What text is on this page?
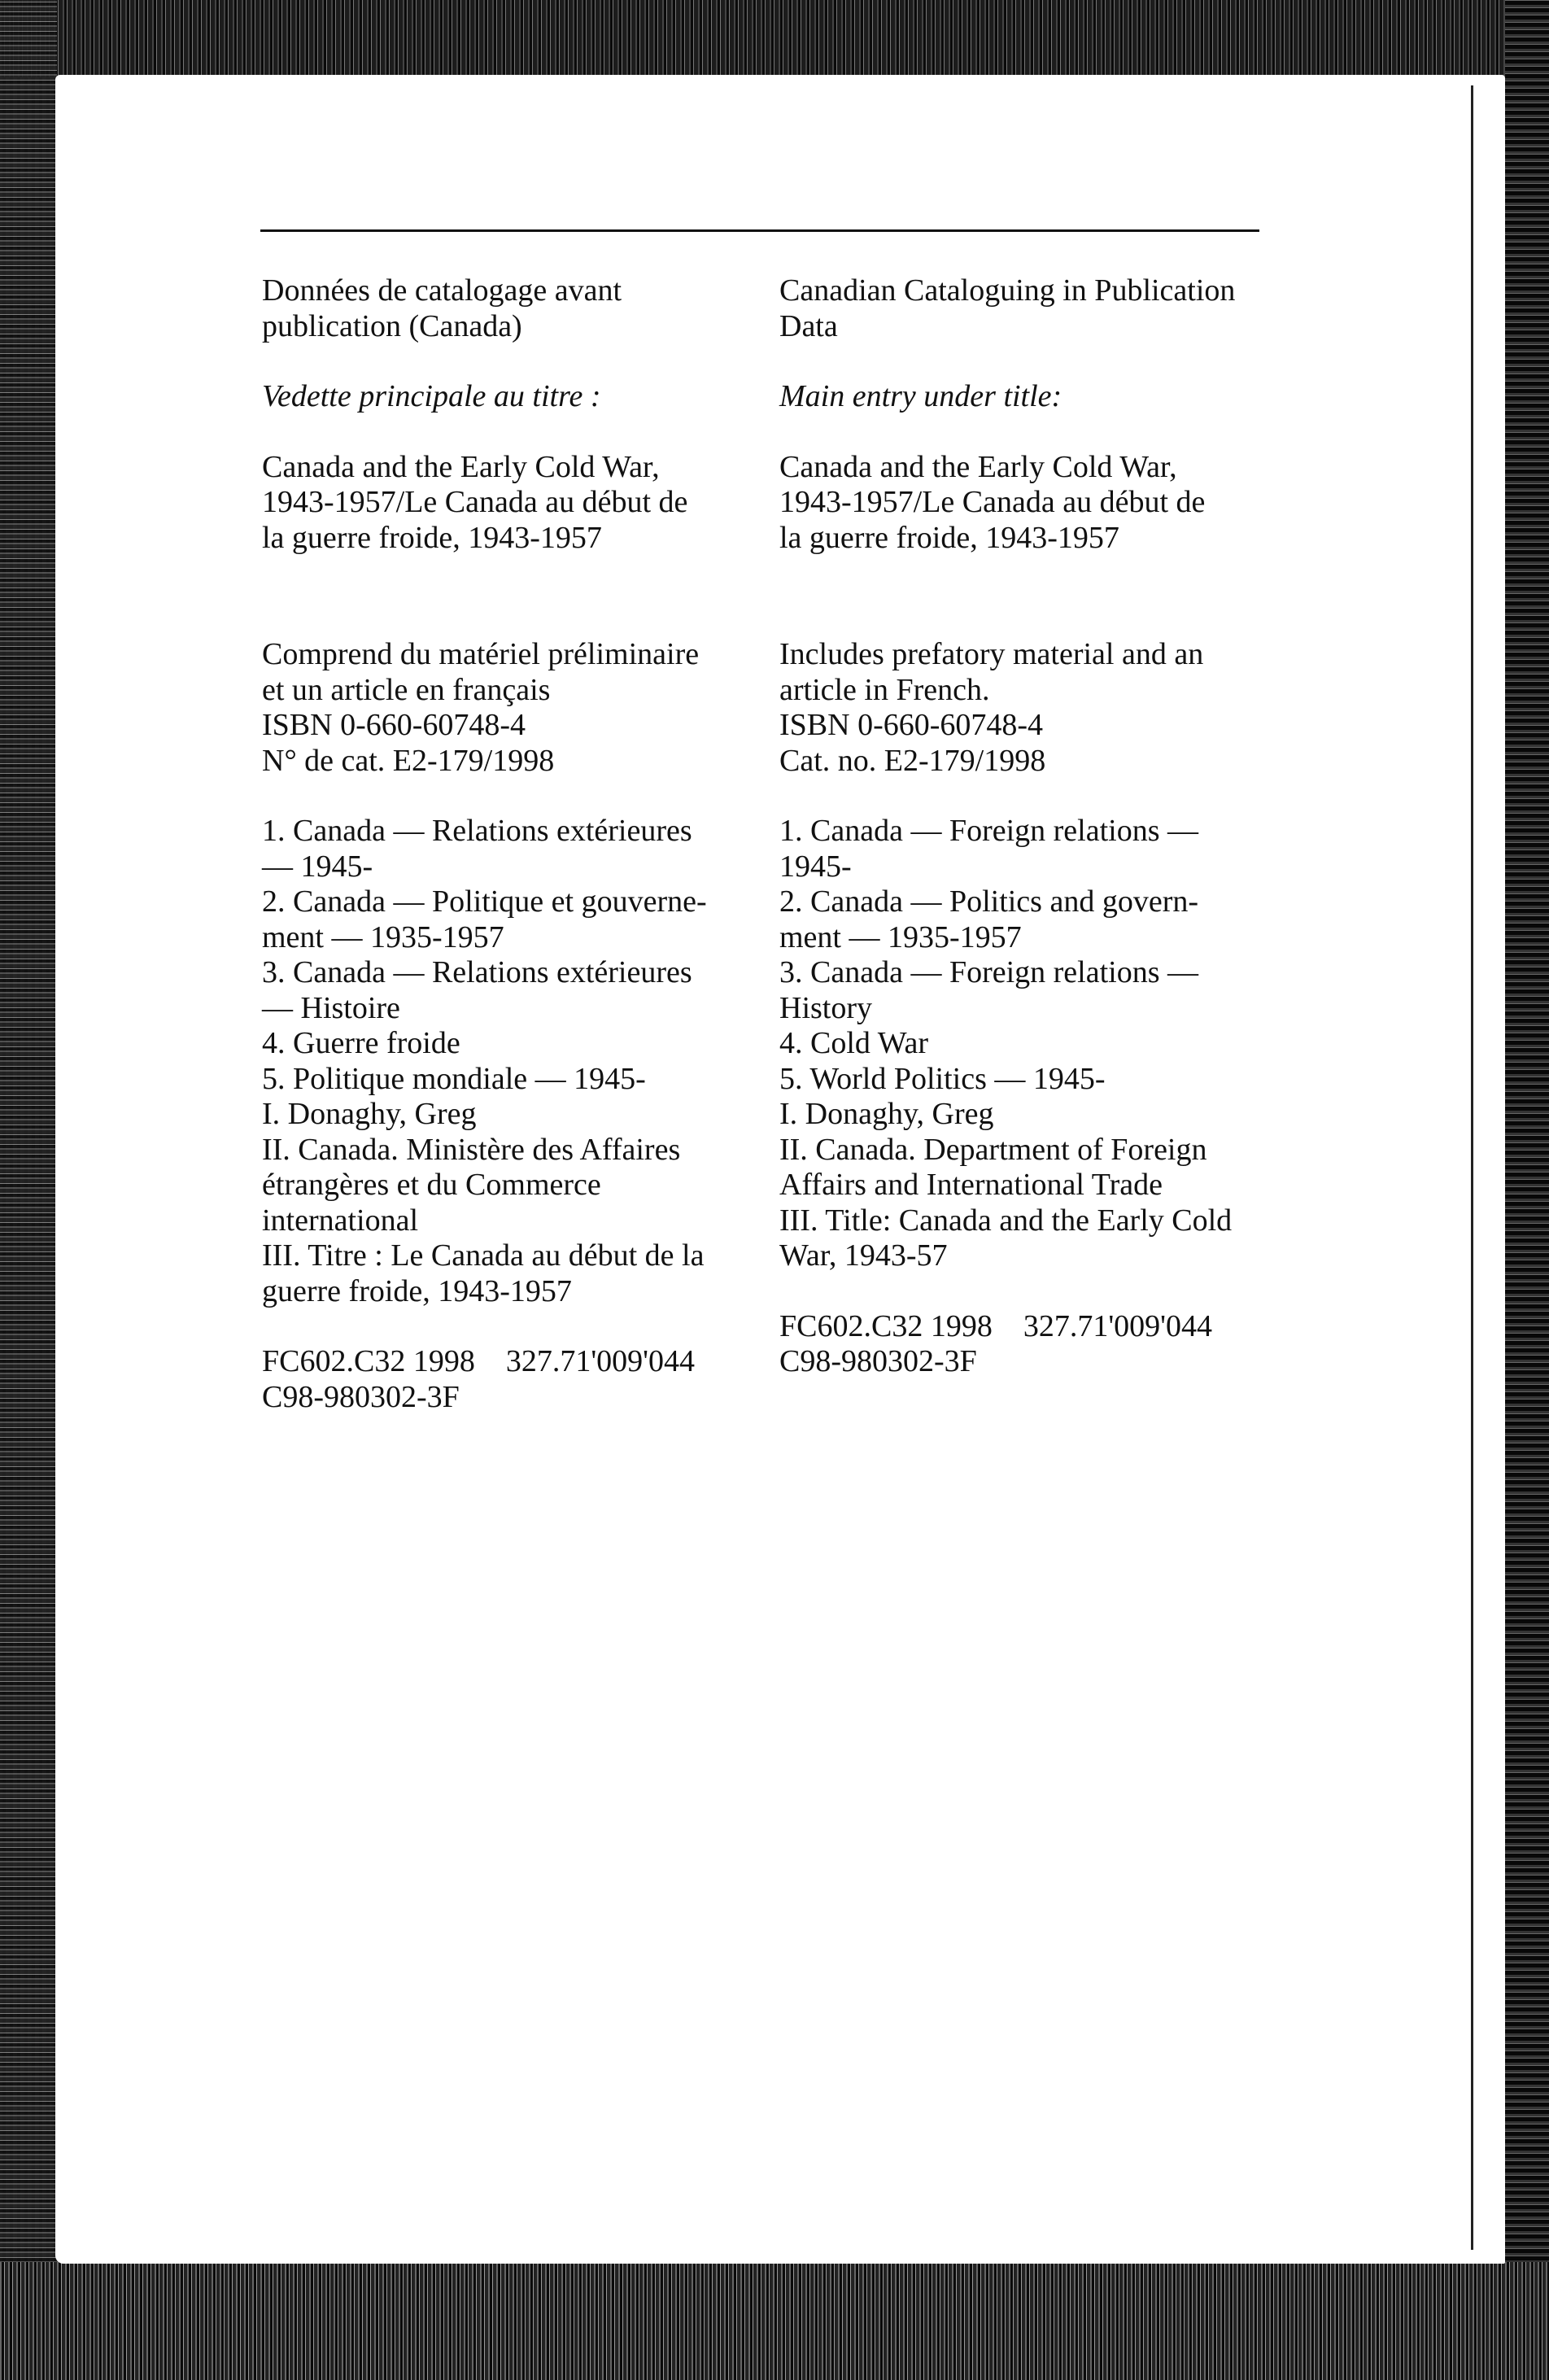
Données de catalogage avant
publication (Canada)
Vedette principale au titre :
Canada and the Early Cold War,
1943-1957/Le Canada au début de
la guerre froide, 1943-1957
Comprend du matériel préliminaire
et un article en français
ISBN 0-660-60748-4
N° de cat. E2-179/1998
1. Canada — Relations extérieures
— 1945-
2. Canada — Politique et gouverne-
ment — 1935-1957
3. Canada — Relations extérieures
— Histoire
4. Guerre froide
5. Politique mondiale — 1945-
I. Donaghy, Greg
II. Canada. Ministère des Affaires
étrangères et du Commerce
international
III. Titre : Le Canada au début de la
guerre froide, 1943-1957
FC602.C32 1998    327.71'009'044
C98-980302-3F
Canadian Cataloguing in Publication
Data
Main entry under title:
Canada and the Early Cold War,
1943-1957/Le Canada au début de
la guerre froide, 1943-1957
Includes prefatory material and an
article in French.
ISBN 0-660-60748-4
Cat. no. E2-179/1998
1. Canada — Foreign relations —
1945-
2. Canada — Politics and govern-
ment — 1935-1957
3. Canada — Foreign relations —
History
4. Cold War
5. World Politics — 1945-
I. Donaghy, Greg
II. Canada. Department of Foreign
Affairs and International Trade
III. Title: Canada and the Early Cold
War, 1943-57
FC602.C32 1998    327.71'009'044
C98-980302-3F
